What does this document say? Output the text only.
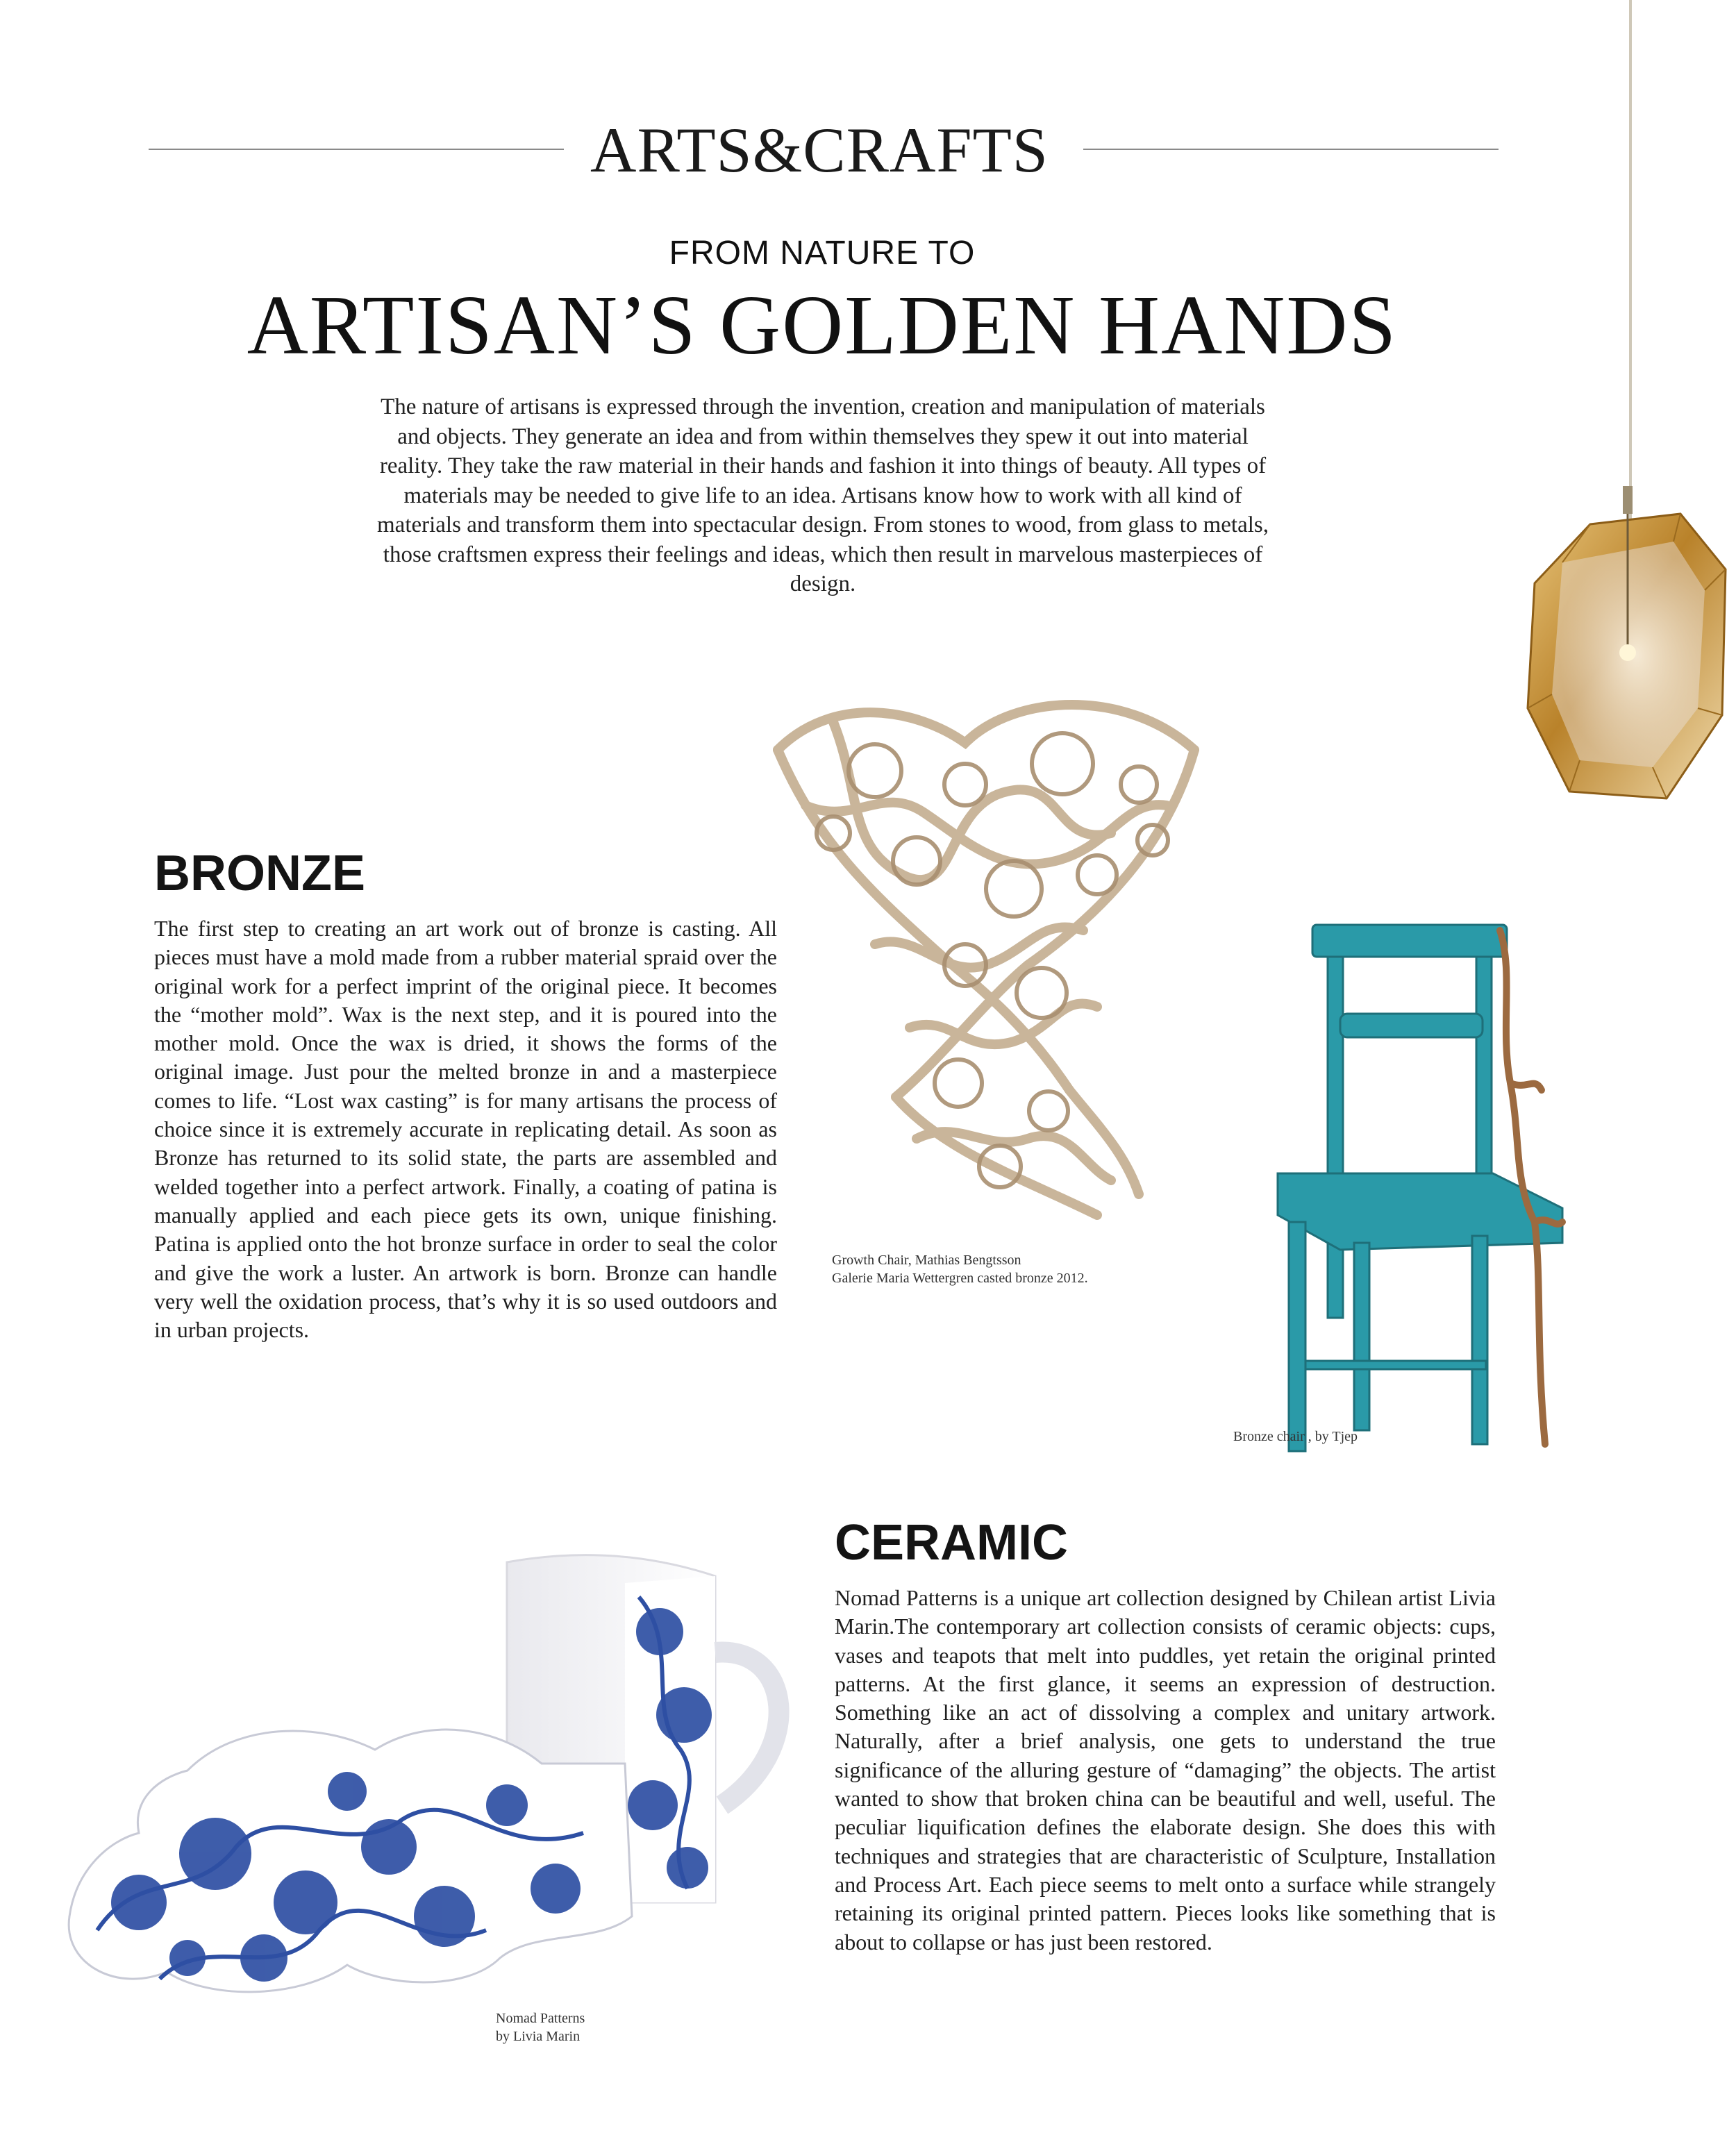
ARTS&CRAFTS
FROM NATURE TO
ARTISAN’S GOLDEN HANDS
The nature of artisans is expressed through the invention, creation and manipulation of materials and objects. They generate an idea and from within themselves they spew it out into material reality. They take the raw material in their hands and fashion it into things of beauty. All types of materials may be needed to give life to an idea. Artisans know how to work with all kind of materials and transform them into spectacular design. From stones to wood, from glass to metals, those craftsmen express their feelings and ideas, which then result in marvelous masterpieces of design.
BRONZE
The first step to creating an art work out of bronze is casting. All pieces must have a mold made from a rubber material spraid over the original work for a perfect imprint of the original piece. It becomes the “mother mold”. Wax is the next step, and it is poured into the mother mold. Once the wax is dried, it shows the forms of the original image. Just pour the melted bronze in and a masterpiece comes to life. “Lost wax casting” is for many artisans the process of choice since it is extremely accurate in replicating detail. As soon as Bronze has returned to its solid state, the parts are assembled and welded together into a perfect artwork. Finally, a coating of patina is manually applied and each piece gets its own, unique finishing. Patina is applied onto the hot bronze surface in order to seal the color and give the work a luster. An artwork is born. Bronze can handle very well the oxidation process, that’s why it is so used outdoors and in urban projects.
Growth Chair, Mathias Bengtsson
Galerie Maria Wettergren casted bronze 2012.
Bronze chair , by Tjep
CERAMIC
Nomad Patterns is a unique art collection designed by Chilean artist Livia Marin.The contemporary art collection consists of ceramic objects: cups, vases and teapots that melt into puddles, yet retain the original printed patterns. At the first glance, it seems an expression of destruction. Something like an act of dissolving a complex and unitary artwork. Naturally, after a brief analysis, one gets to understand the true significance of the alluring gesture of “damaging” the objects. The artist wanted to show that broken china can be beautiful and well, useful. The peculiar liquification defines the elaborate design. She does this with techniques and strategies that are characteristic of Sculpture, Installation and Process Art. Each piece seems to melt onto a surface while strangely retaining its original printed pattern. Pieces looks like something that is about to collapse or has just been restored.
Nomad Patterns
by Livia Marin
